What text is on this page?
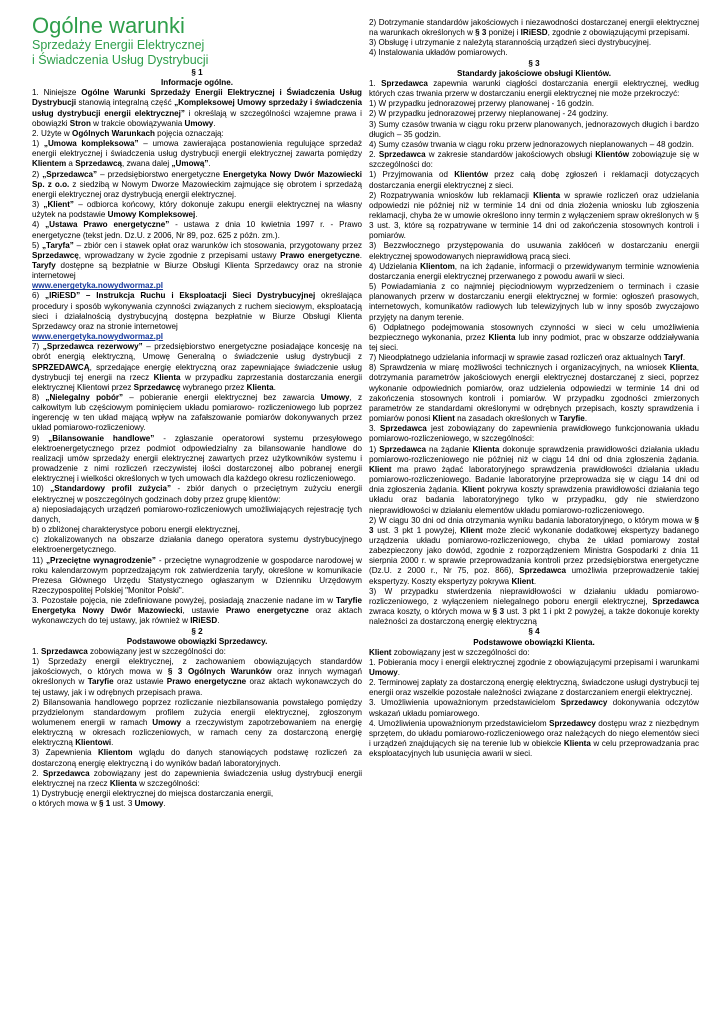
Ogólne warunki
Sprzedaży Energii Elektrycznej
i Świadczenia Usług Dystrybucji

§ 1

Informacje ogólne.

1. Niniejsze Ogólne Warunki Sprzedaży Energii Elektrycznej i Świadczenia Usług Dystrybucji stanowią integralną część „Kompleksowej Umowy sprzedaży i świadczenia usług dystrybucji energii elektrycznej” i określają w szczególności wzajemne prawa i obowiązki Stron w trakcie obowiązywania Umowy.

2. Użyte w Ogólnych Warunkach pojęcia oznaczają:

1) „Umowa kompleksowa” – umowa zawierająca postanowienia regulujące sprzedaż energii elektrycznej i świadczenia usług dystrybucji energii elektrycznej zawarta pomiędzy Klientem a Sprzedawcą, zwana dalej „Umową”.

2) „Sprzedawca” – przedsiębiorstwo energetyczne Energetyka Nowy Dwór Mazowiecki Sp. z o.o. z siedzibą w Nowym Dworze Mazowieckim zajmujące się obrotem i sprzedażą energii elektrycznej oraz dystrybucją energii elektrycznej.

3) „Klient” – odbiorca końcowy, który dokonuje zakupu energii elektrycznej na własny użytek na podstawie Umowy Kompleksowej.

4) „Ustawa Prawo energetyczne” - ustawa z dnia 10 kwietnia 1997 r. - Prawo energetyczne (tekst jedn. Dz.U. z 2006, Nr 89, poz. 625 z późn. zm.).

5) „Taryfa” – zbiór cen i stawek opłat oraz warunków ich stosowania, przygotowany przez Sprzedawcę, wprowadzany w życie zgodnie z przepisami ustawy Prawo energetyczne. Taryfy dostępne są bezpłatnie w Biurze Obsługi Klienta Sprzedawcy oraz na stronie internetowej

www.energetyka.nowydwormaz.pl

6) „IRiESD” – Instrukcja Ruchu i Eksploatacji Sieci Dystrybucyjnej określająca procedury i sposób wykonywania czynności związanych z ruchem sieciowym, eksploatacją sieci i działalnością dystrybucyjną dostępna bezpłatnie w Biurze Obsługi Klienta Sprzedawcy oraz na stronie internetowej

www.energetyka.nowydwormaz.pl

7) „Sprzedawca rezerwowy” – przedsiębiorstwo energetyczne posiadające koncesję na obrót energią elektryczną, Umowę Generalną o świadczenie usług dystrybucji z SPRZEDAWCĄ, sprzedające energię elektryczną oraz zapewniające świadczenie usług dystrybucji tej energii na rzecz Klienta w przypadku zaprzestania dostarczania energii elektrycznej Klientowi przez Sprzedawcę wybranego przez Klienta.

8) „Nielegalny pobór” – pobieranie energii elektrycznej bez zawarcia Umowy, z całkowitym lub częściowym pominięciem układu pomiarowo- rozliczeniowego lub poprzez ingerencję w ten układ mającą wpływ na zafałszowanie pomiarów dokonywanych przez układ pomiarowo-rozliczeniowy.

9) „Bilansowanie handlowe” - zgłaszanie operatorowi systemu przesyłowego elektroenergetycznego przez podmiot odpowiedzialny za bilansowanie handlowe do realizacji umów sprzedaży energii elektrycznej zawartych przez użytkowników systemu i prowadzenie z nimi rozliczeń rzeczywistej ilości dostarczonej albo pobranej energii elektrycznej i wielkości określonych w tych umowach dla każdego okresu rozliczeniowego.

10) „Standardowy profil zużycia” - zbiór danych o przeciętnym zużyciu energii elektrycznej w poszczególnych godzinach doby przez grupę klientów:

a) nieposiadających urządzeń pomiarowo-rozliczeniowych umożliwiających rejestrację tych danych,

b) o zbliżonej charakterystyce poboru energii elektrycznej,

c) zlokalizowanych na obszarze działania danego operatora systemu dystrybucyjnego elektroenergetycznego.

11) „Przeciętne wynagrodzenie” - przeciętne wynagrodzenie w gospodarce narodowej w roku kalendarzowym poprzedzającym rok zatwierdzenia taryfy, określone w komunikacie Prezesa Głównego Urzędu Statystycznego ogłaszanym w Dzienniku Urzędowym Rzeczypospolitej Polskiej "Monitor Polski".

3. Pozostałe pojęcia, nie zdefiniowane powyżej, posiadają znaczenie nadane im w Taryfie Energetyka Nowy Dwór Mazowiecki, ustawie Prawo energetyczne oraz aktach wykonawczych do tej ustawy, jak również w IRiESD.

§ 2

Podstawowe obowiązki Sprzedawcy.

1. Sprzedawca zobowiązany jest w szczególności do:

1) Sprzedaży energii elektrycznej, z zachowaniem obowiązujących standardów jakościowych, o których mowa w § 3 Ogólnych Warunków oraz innych wymagań określonych w Taryfie oraz ustawie Prawo energetyczne oraz aktach wykonawczych do tej ustawy, jak i w odrębnych przepisach prawa.

2) Bilansowania handlowego poprzez rozliczanie niezbilansowania powstałego pomiędzy przydzielonym standardowym profilem zużycia energii elektrycznej, zgłoszonym wolumenem energii w ramach Umowy a rzeczywistym zapotrzebowaniem na energię elektryczną w okresach rozliczeniowych, w ramach ceny za dostarczoną energię elektryczną Klientowi.

3) Zapewnienia Klientom wglądu do danych stanowiących podstawę rozliczeń za dostarczoną energię elektryczną i do wyników badań laboratoryjnych.

2. Sprzedawca zobowiązany jest do zapewnienia świadczenia usług dystrybucji energii elektrycznej na rzecz Klienta w szczególności:

1) Dystrybucję energii elektrycznej do miejsca dostarczania energii,

o których mowa w § 1 ust. 3 Umowy.

2) Dotrzymanie standardów jakościowych i niezawodności dostarczanej energii elektrycznej na warunkach określonych w § 3 poniżej i IRiESD, zgodnie z obowiązującymi przepisami.

3) Obsługę i utrzymanie z należytą starannością urządzeń sieci dystrybucyjnej.

4) Instalowania układów pomiarowych.

§ 3

Standardy jakościowe obsługi Klientów.

1. Sprzedawca zapewnia warunki ciągłości dostarczania energii elektrycznej, według których czas trwania przerw w dostarczaniu energii elektrycznej nie może przekroczyć:

1) W przypadku jednorazowej przerwy planowanej - 16 godzin.

2) W przypadku jednorazowej przerwy nieplanowanej - 24 godziny.

3) Sumy czasów trwania w ciągu roku przerw planowanych, jednorazowych długich i bardzo długich – 35 godzin.

4) Sumy czasów trwania w ciągu roku przerw jednorazowych nieplanowanych – 48 godzin.

2. Sprzedawca w zakresie standardów jakościowych obsługi Klientów zobowiązuje się w szczególności do:

1) Przyjmowania od Klientów przez całą dobę zgłoszeń i reklamacji dotyczących dostarczania energii elektrycznej z sieci.

2) Rozpatrywania wniosków lub reklamacji Klienta w sprawie rozliczeń oraz udzielania odpowiedzi nie później niż w terminie 14 dni od dnia złożenia wniosku lub zgłoszenia reklamacji, chyba że w umowie określono inny termin z wyłączeniem spraw określonych w § 3 ust. 3, które są rozpatrywane w terminie 14 dni od zakończenia stosownych kontroli i pomiarów.

3) Bezzwłocznego przystępowania do usuwania zakłóceń w dostarczaniu energii elektrycznej spowodowanych nieprawidłową pracą sieci.

4) Udzielania Klientom, na ich żądanie, informacji o przewidywanym terminie wznowienia dostarczania energii elektrycznej przerwanego z powodu awarii w sieci.

5) Powiadamiania z co najmniej pięciodniowym wyprzedzeniem o terminach i czasie planowanych przerw w dostarczaniu energii elektrycznej w formie: ogłoszeń prasowych, internetowych, komunikatów radiowych lub telewizyjnych lub w inny sposób zwyczajowo przyjęty na danym terenie.

6) Odpłatnego podejmowania stosownych czynności w sieci w celu umożliwienia bezpiecznego wykonania, przez Klienta lub inny podmiot, prac w obszarze oddziaływania tej sieci.

7) Nieodpłatnego udzielania informacji w sprawie zasad rozliczeń oraz aktualnych Taryf.

8) Sprawdzenia w miarę możliwości technicznych i organizacyjnych, na wniosek Klienta, dotrzymania parametrów jakościowych energii elektrycznej dostarczanej z sieci, poprzez wykonanie odpowiednich pomiarów, oraz udzielenia odpowiedzi w terminie 14 dni od zakończenia stosownych kontroli i pomiarów. W przypadku zgodności zmierzonych parametrów ze standardami określonymi w odrębnych przepisach, koszty sprawdzenia i pomiarów ponosi Klient na zasadach określonych w Taryfie.

3. Sprzedawca jest zobowiązany do zapewnienia prawidłowego funkcjonowania układu pomiarowo-rozliczeniowego, w szczególności:

1) Sprzedawca na żądanie Klienta dokonuje sprawdzenia prawidłowości działania układu pomiarowo-rozliczeniowego nie później niż w ciągu 14 dni od dnia zgłoszenia żądania. Klient ma prawo żądać laboratoryjnego sprawdzenia prawidłowości działania układu pomiarowo-rozliczeniowego. Badanie laboratoryjne przeprowadza się w ciągu 14 dni od dnia zgłoszenia żądania. Klient pokrywa koszty sprawdzenia prawidłowości działania tego układu oraz badania laboratoryjnego tylko w przypadku, gdy nie stwierdzono nieprawidłowości w działaniu elementów układu pomiarowo-rozliczeniowego.

2) W ciągu 30 dni od dnia otrzymania wyniku badania laboratoryjnego, o którym mowa w § 3 ust. 3 pkt 1 powyżej, Klient może zlecić wykonanie dodatkowej ekspertyzy badanego urządzenia układu pomiarowo-rozliczeniowego, chyba że układ pomiarowy został zabezpieczony jako dowód, zgodnie z rozporządzeniem Ministra Gospodarki z dnia 11 sierpnia 2000 r. w sprawie przeprowadzania kontroli przez przedsiębiorstwa energetyczne (Dz.U. z 2000 r., Nr 75, poz. 866), Sprzedawca umożliwia przeprowadzenie takiej ekspertyzy. Koszty ekspertyzy pokrywa Klient.

3) W przypadku stwierdzenia nieprawidłowości w działaniu układu pomiarowo-rozliczeniowego, z wyłączeniem nielegalnego poboru energii elektrycznej, Sprzedawca zwraca koszty, o których mowa w § 3 ust. 3 pkt 1 i pkt 2 powyżej, a także dokonuje korekty należności za dostarczoną energię elektryczną

§ 4

Podstawowe obowiązki Klienta.

Klient zobowiązany jest w szczególności do:

1. Pobierania mocy i energii elektrycznej zgodnie z obowiązującymi przepisami i warunkami Umowy.

2. Terminowej zapłaty za dostarczoną energię elektryczną, świadczone usługi dystrybucji tej energii oraz wszelkie pozostałe należności związane z dostarczaniem energii elektrycznej.

3. Umożliwienia upoważnionym przedstawicielom Sprzedawcy dokonywania odczytów wskazań układu pomiarowego.

4. Umożliwienia upoważnionym przedstawicielom Sprzedawcy dostępu wraz z niezbędnym sprzętem, do układu pomiarowo-rozliczeniowego oraz należących do niego elementów sieci i urządzeń znajdujących się na terenie lub w obiekcie Klienta w celu przeprowadzania prac eksploatacyjnych lub usunięcia awarii w sieci.
